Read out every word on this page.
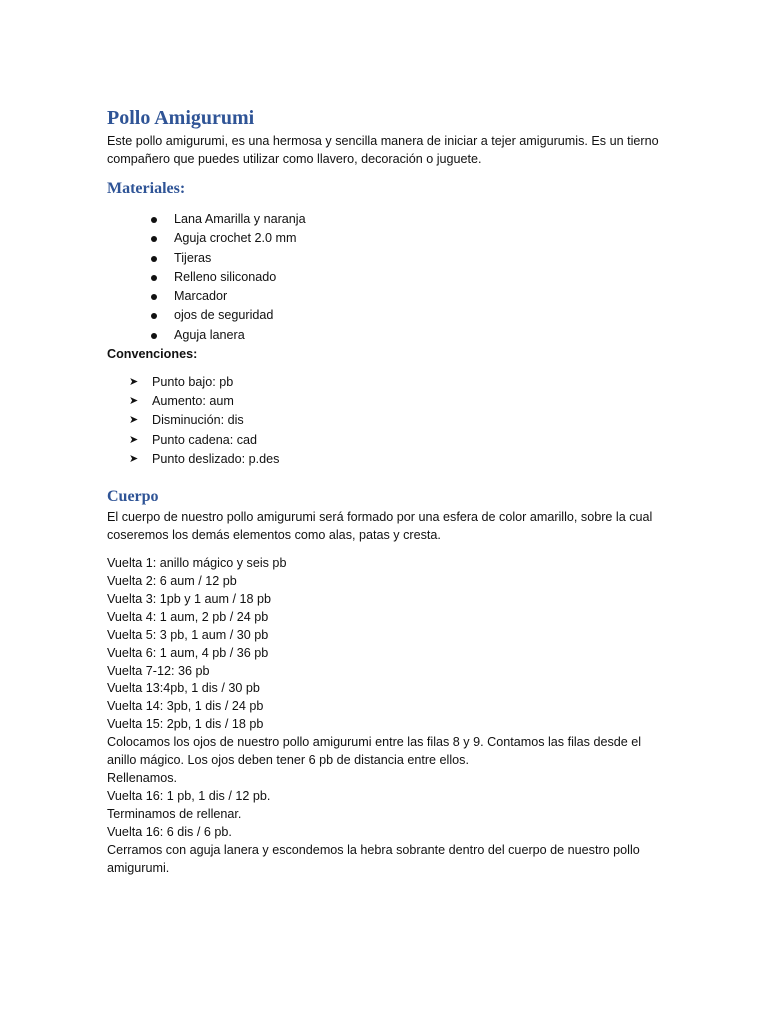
Pollo Amigurumi

Este pollo amigurumi, es una hermosa y sencilla manera de iniciar a tejer amigurumis. Es un tierno compañero que puedes utilizar como llavero, decoración o juguete.

Materiales:
Lana Amarilla y naranja
Aguja crochet 2.0 mm
Tijeras
Relleno siliconado
Marcador
ojos de seguridad
Aguja lanera

Convenciones:

➤ Punto bajo: pb
➤ Aumento: aum
➤ Disminución: dis
➤ Punto cadena: cad
➤ Punto deslizado: p.des
Cuerpo

El cuerpo de nuestro pollo amigurumi será formado por una esfera de color amarillo, sobre la cual coseremos los demás elementos como alas, patas y cresta.

Vuelta 1: anillo mágico y seis pb

Vuelta 2: 6 aum / 12 pb

Vuelta 3: 1pb y 1 aum / 18 pb

Vuelta 4: 1 aum, 2 pb / 24 pb

Vuelta 5: 3 pb, 1 aum / 30 pb

Vuelta 6: 1 aum, 4 pb / 36 pb

Vuelta 7-12: 36 pb

Vuelta 13:4pb, 1 dis / 30 pb

Vuelta 14: 3pb, 1 dis / 24 pb

Vuelta 15: 2pb, 1 dis / 18 pb

Colocamos los ojos de nuestro pollo amigurumi entre las filas 8 y 9. Contamos las filas desde el anillo mágico. Los ojos deben tener 6 pb de distancia entre ellos.

Rellenamos.

Vuelta 16: 1 pb, 1 dis / 12 pb.

Terminamos de rellenar.

Vuelta 16: 6 dis / 6 pb.

Cerramos con aguja lanera y escondemos la hebra sobrante dentro del cuerpo de nuestro pollo amigurumi.
